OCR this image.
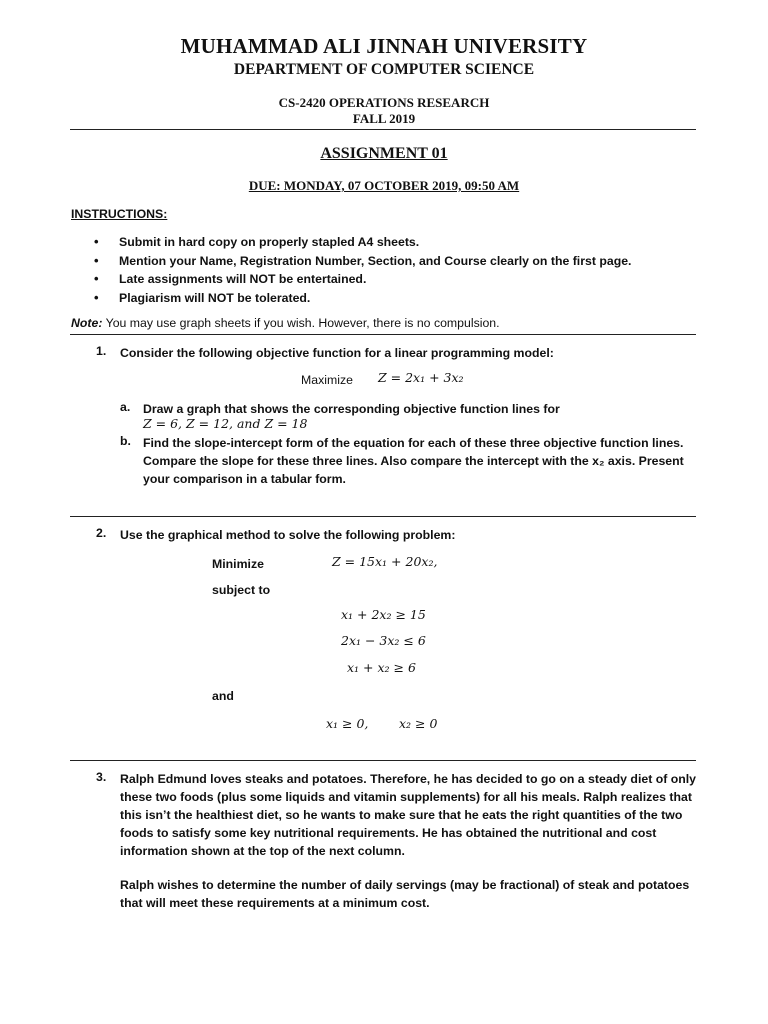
MUHAMMAD ALI JINNAH UNIVERSITY
DEPARTMENT OF COMPUTER SCIENCE
CS-2420 OPERATIONS RESEARCH
FALL 2019
ASSIGNMENT 01
DUE: MONDAY, 07 OCTOBER 2019, 09:50 AM
INSTRUCTIONS:
• Submit in hard copy on properly stapled A4 sheets.
• Mention your Name, Registration Number, Section, and Course clearly on the first page.
• Late assignments will NOT be entertained.
• Plagiarism will NOT be tolerated.
Note: You may use graph sheets if you wish. However, there is no compulsion.
1. Consider the following objective function for a linear programming model:
Maximize Z = 2x₁ + 3x₂
a. Draw a graph that shows the corresponding objective function lines for
Z = 6, Z = 12, and Z = 18
b. Find the slope-intercept form of the equation for each of these three objective function lines.
Compare the slope for these three lines. Also compare the intercept with the x₂ axis. Present
your comparison in a tabular form.
2. Use the graphical method to solve the following problem:
Minimize	Z = 15x₁ + 20x₂,
subject to
x₁ + 2x₂ ≥ 15
2x₁ − 3x₂ ≤ 6
x₁ + x₂ ≥ 6
and
x₁ ≥ 0, x₂ ≥ 0
3. Ralph Edmund loves steaks and potatoes. Therefore, he has decided to go on a steady diet of only
these two foods (plus some liquids and vitamin supplements) for all his meals. Ralph realizes that
this isn’t the healthiest diet, so he wants to make sure that he eats the right quantities of the two
foods to satisfy some key nutritional requirements. He has obtained the nutritional and cost
information shown at the top of the next column.
Ralph wishes to determine the number of daily servings (may be fractional) of steak and potatoes
that will meet these requirements at a minimum cost.
